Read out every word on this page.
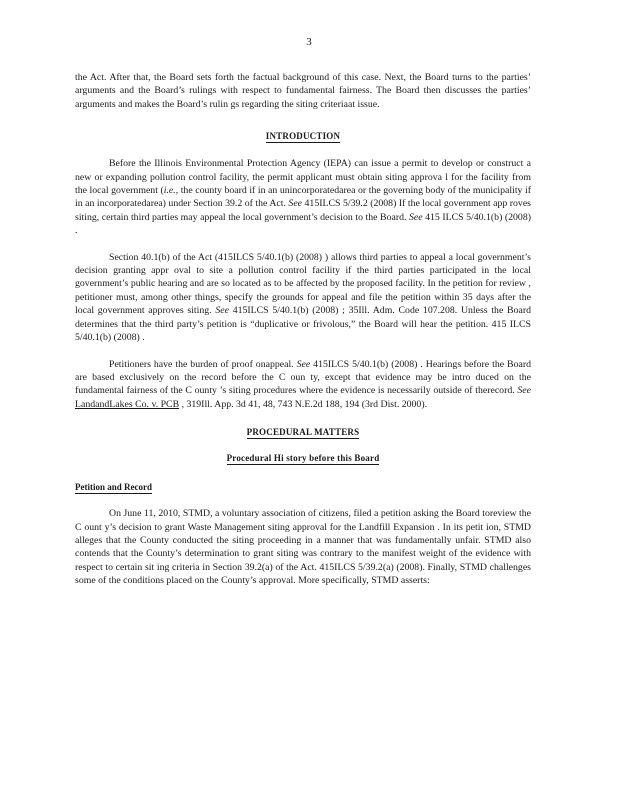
3

the Act. After that, the Board sets forth the factual background of this case. Next, the Board turns to the parties’ arguments and the Board’s rulings with respect to fundamental fairness. The Board then discusses the parties’ arguments and makes the Board’s rulin gs regarding the siting criteriaat issue.

INTRODUCTION

Before the Illinois Environmental Protection Agency (IEPA) can issue a permit to develop or construct a new or expanding pollution control facility, the permit applicant must obtain siting approva l for the facility from the local government (i.e., the county board if in an unincorporatedarea or the governing body of the municipality if in an incorporatedarea) under Section 39.2 of the Act. See 415ILCS 5/39.2 (2008) If the local government app roves siting, certain third parties may appeal the local government’s decision to the Board. See 415 ILCS 5/40.1(b) (2008) .

Section 40.1(b) of the Act (415ILCS 5/40.1(b) (2008) ) allows third parties to appeal a local government’s decision granting appr oval to site a pollution control facility if the third parties participated in the local government’s public hearing and are so located as to be affected by the proposed facility. In the petition for review , petitioner must, among other things, specify the grounds for appeal and file the petition within 35 days after the local government approves siting. See 415ILCS 5/40.1(b) (2008) ; 35Ill. Adm. Code 107.208. Unless the Board determines that the third party’s petition is “duplicative or frivolous,” the Board will hear the petition. 415 ILCS 5/40.1(b) (2008) .

Petitioners have the burden of proof onappeal. See 415ILCS 5/40.1(b) (2008) . Hearings before the Board are based exclusively on the record before the C oun ty, except that evidence may be intro duced on the fundamental fairness of the C ounty ’s siting procedures where the evidence is necessarily outside of therecord. See LandandLakes Co. v. PCB , 319Ill. App. 3d 41, 48, 743 N.E.2d 188, 194 (3rd Dist. 2000).

PROCEDURAL MATTERS
Procedural Hi story before this Board
Petition and Record

On June 11, 2010, STMD, a voluntary association of citizens, filed a petition asking the Board toreview the C ount y’s decision to grant Waste Management siting approval for the Landfill Expansion . In its petit ion, STMD alleges that the County conducted the siting proceeding in a manner that was fundamentally unfair. STMD also contends that the County’s determination to grant siting was contrary to the manifest weight of the evidence with respect to certain sit ing criteria in Section 39.2(a) of the Act. 415ILCS 5/39.2(a) (2008). Finally, STMD challenges some of the conditions placed on the County’s approval. More specifically, STMD asserts:
